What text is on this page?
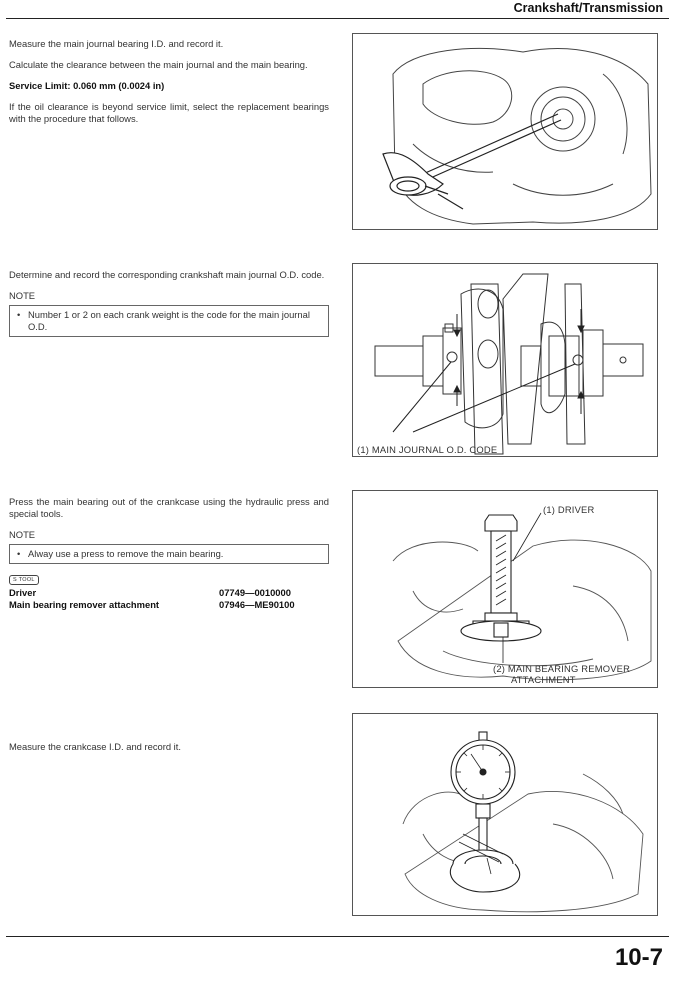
Crankshaft/Transmission

Measure the main journal bearing I.D. and record it.

Calculate the clearance between the main journal and the main bearing.

Service Limit: 0.060 mm (0.0024 in)

If the oil clearance is beyond service limit, select the replacement bearings with the procedure that follows.

Determine and record the corresponding crankshaft main journal O.D. code.

NOTE
• Number 1 or 2 on each crank weight is the code for the main journal O.D.
(1) MAIN JOURNAL O.D. CODE

Press the main bearing out of the crankcase using the hydraulic press and special tools.

NOTE
• Alway use a press to remove the main bearing.
S TOOL
Driver	07749—0010000
Main bearing remover attachment	07946—ME90100
(1) DRIVER
(2) MAIN BEARING REMOVER
ATTACHMENT

Measure the crankcase I.D. and record it.

10-7
